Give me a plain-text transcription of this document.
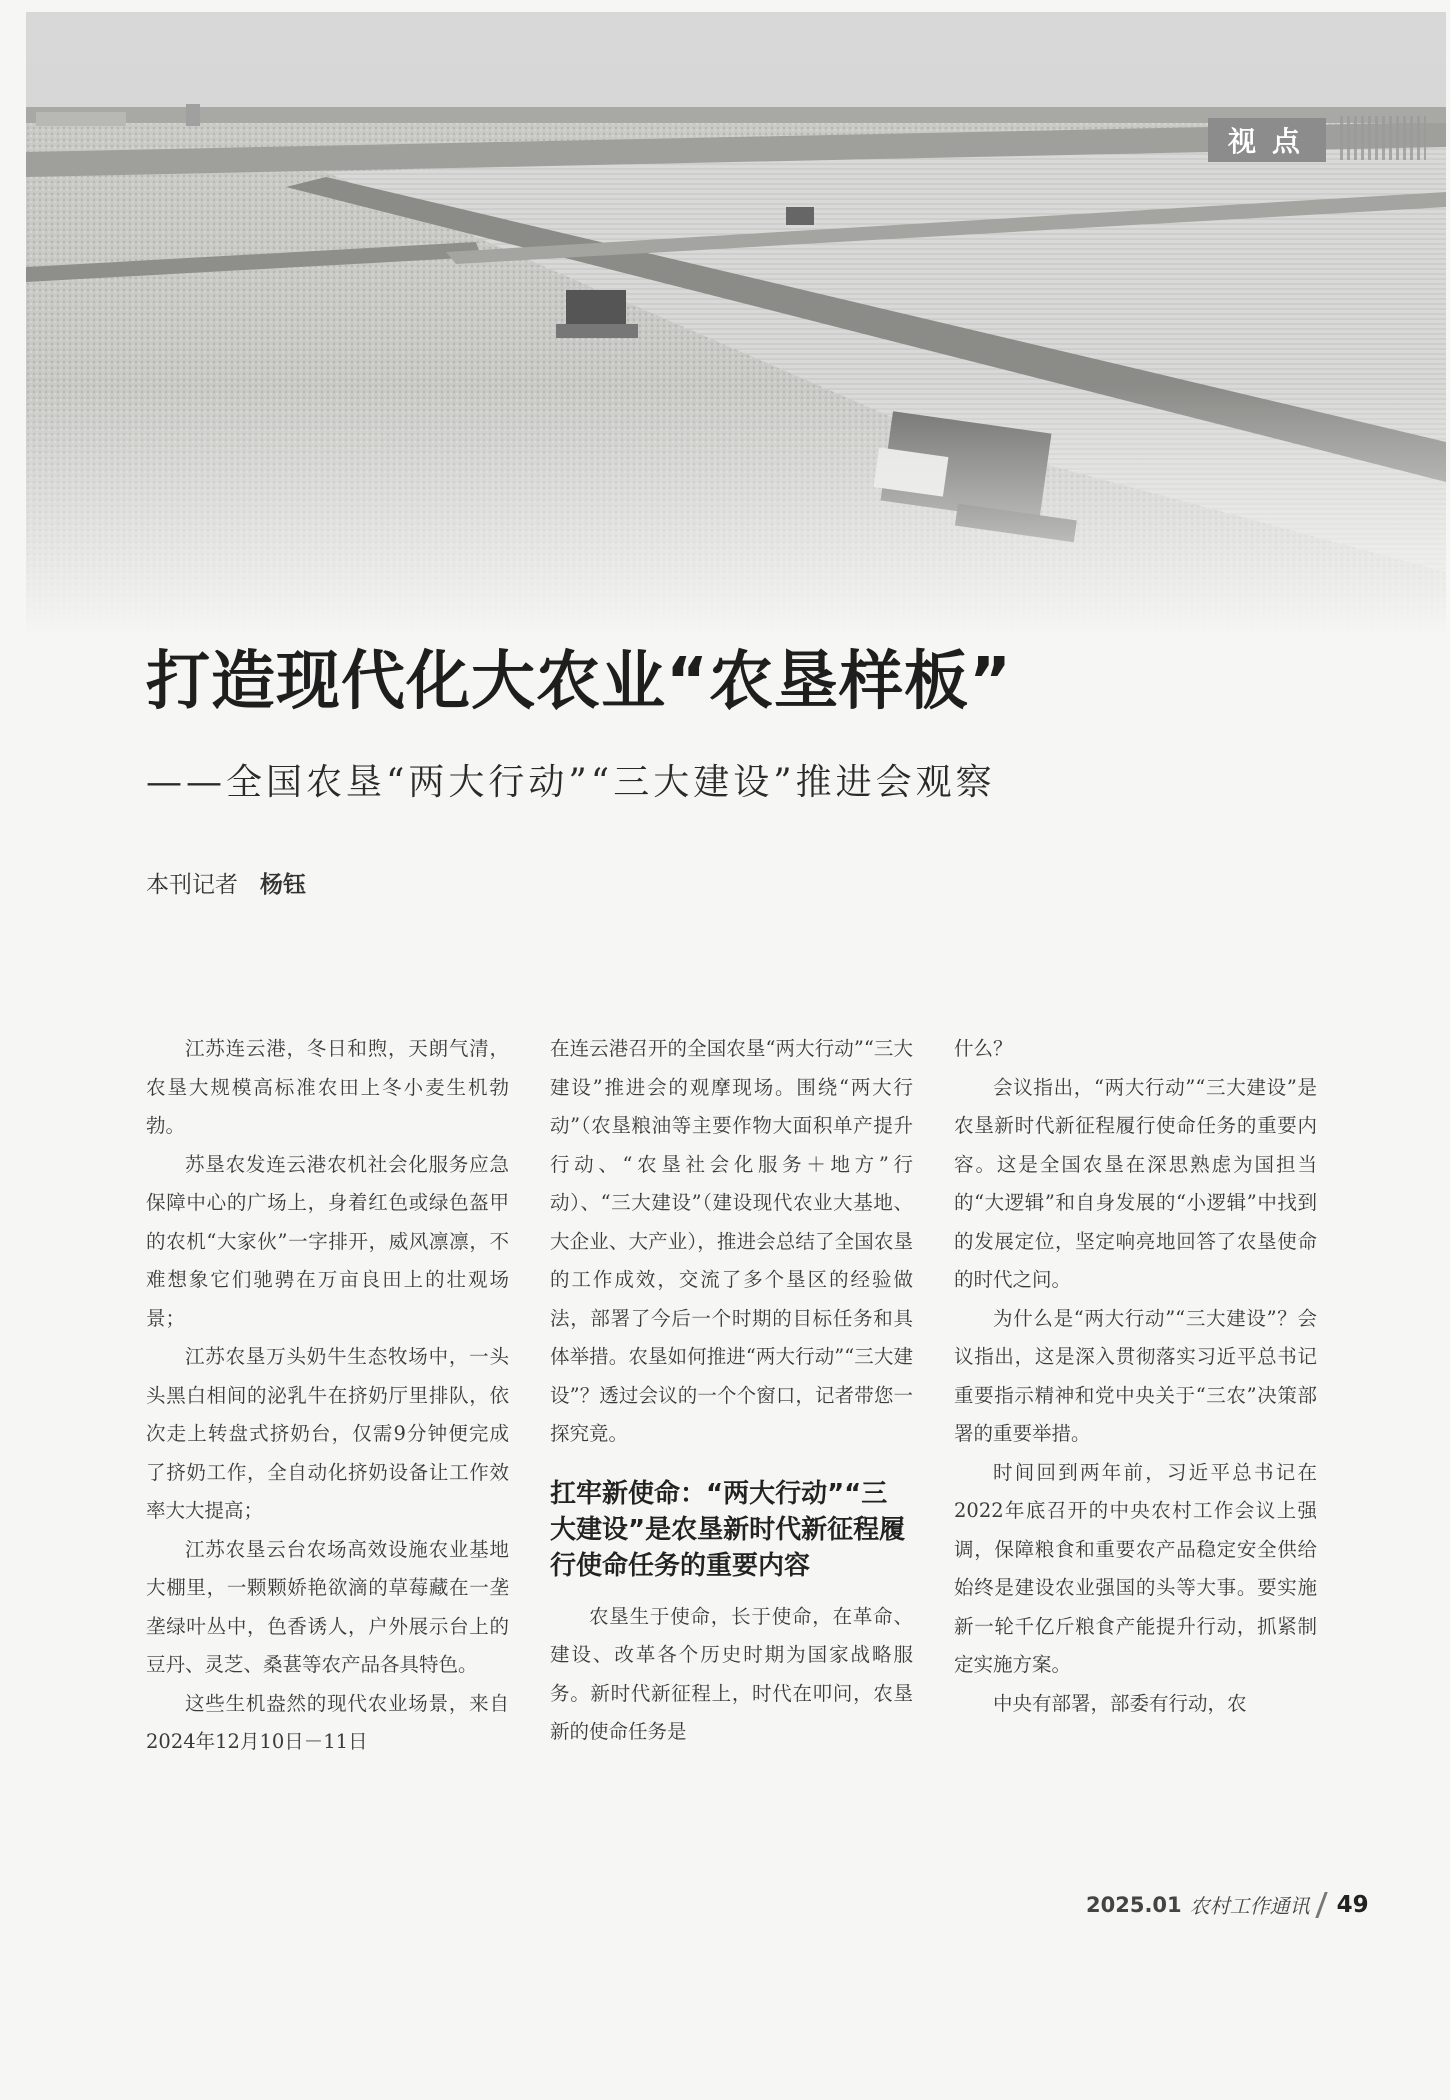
视点
打造现代化大农业“农垦样板”
——全国农垦“两大行动”“三大建设”推进会观察
本刊记者 杨钰

江苏连云港，冬日和煦，天朗气清，农垦大规模高标准农田上冬小麦生机勃勃。

苏垦农发连云港农机社会化服务应急保障中心的广场上，身着红色或绿色盔甲的农机“大家伙”一字排开，威风凛凛，不难想象它们驰骋在万亩良田上的壮观场景；

江苏农垦万头奶牛生态牧场中，一头头黑白相间的泌乳牛在挤奶厅里排队，依次走上转盘式挤奶台，仅需9分钟便完成了挤奶工作，全自动化挤奶设备让工作效率大大提高；

江苏农垦云台农场高效设施农业基地大棚里，一颗颗娇艳欲滴的草莓藏在一垄垄绿叶丛中，色香诱人，户外展示台上的豆丹、灵芝、桑葚等农产品各具特色。

这些生机盎然的现代农业场景，来自2024年12月10日－11日

在连云港召开的全国农垦“两大行动”“三大建设”推进会的观摩现场。围绕“两大行动”（农垦粮油等主要作物大面积单产提升行动、“农垦社会化服务＋地方”行动）、“三大建设”（建设现代农业大基地、大企业、大产业），推进会总结了全国农垦的工作成效，交流了多个垦区的经验做法，部署了今后一个时期的目标任务和具体举措。农垦如何推进“两大行动”“三大建设”？透过会议的一个个窗口，记者带您一探究竟。

扛牢新使命：“两大行动”“三大建设”是农垦新时代新征程履行使命任务的重要内容

农垦生于使命，长于使命，在革命、建设、改革各个历史时期为国家战略服务。新时代新征程上，时代在叩问，农垦新的使命任务是

什么？

会议指出，“两大行动”“三大建设”是农垦新时代新征程履行使命任务的重要内容。这是全国农垦在深思熟虑为国担当的“大逻辑”和自身发展的“小逻辑”中找到的发展定位，坚定响亮地回答了农垦使命的时代之问。

为什么是“两大行动”“三大建设”？会议指出，这是深入贯彻落实习近平总书记重要指示精神和党中央关于“三农”决策部署的重要举措。

时间回到两年前，习近平总书记在2022年底召开的中央农村工作会议上强调，保障粮食和重要农产品稳定安全供给始终是建设农业强国的头等大事。要实施新一轮千亿斤粮食产能提升行动，抓紧制定实施方案。

中央有部署，部委有行动，农

2025.01 农村工作通讯 49
